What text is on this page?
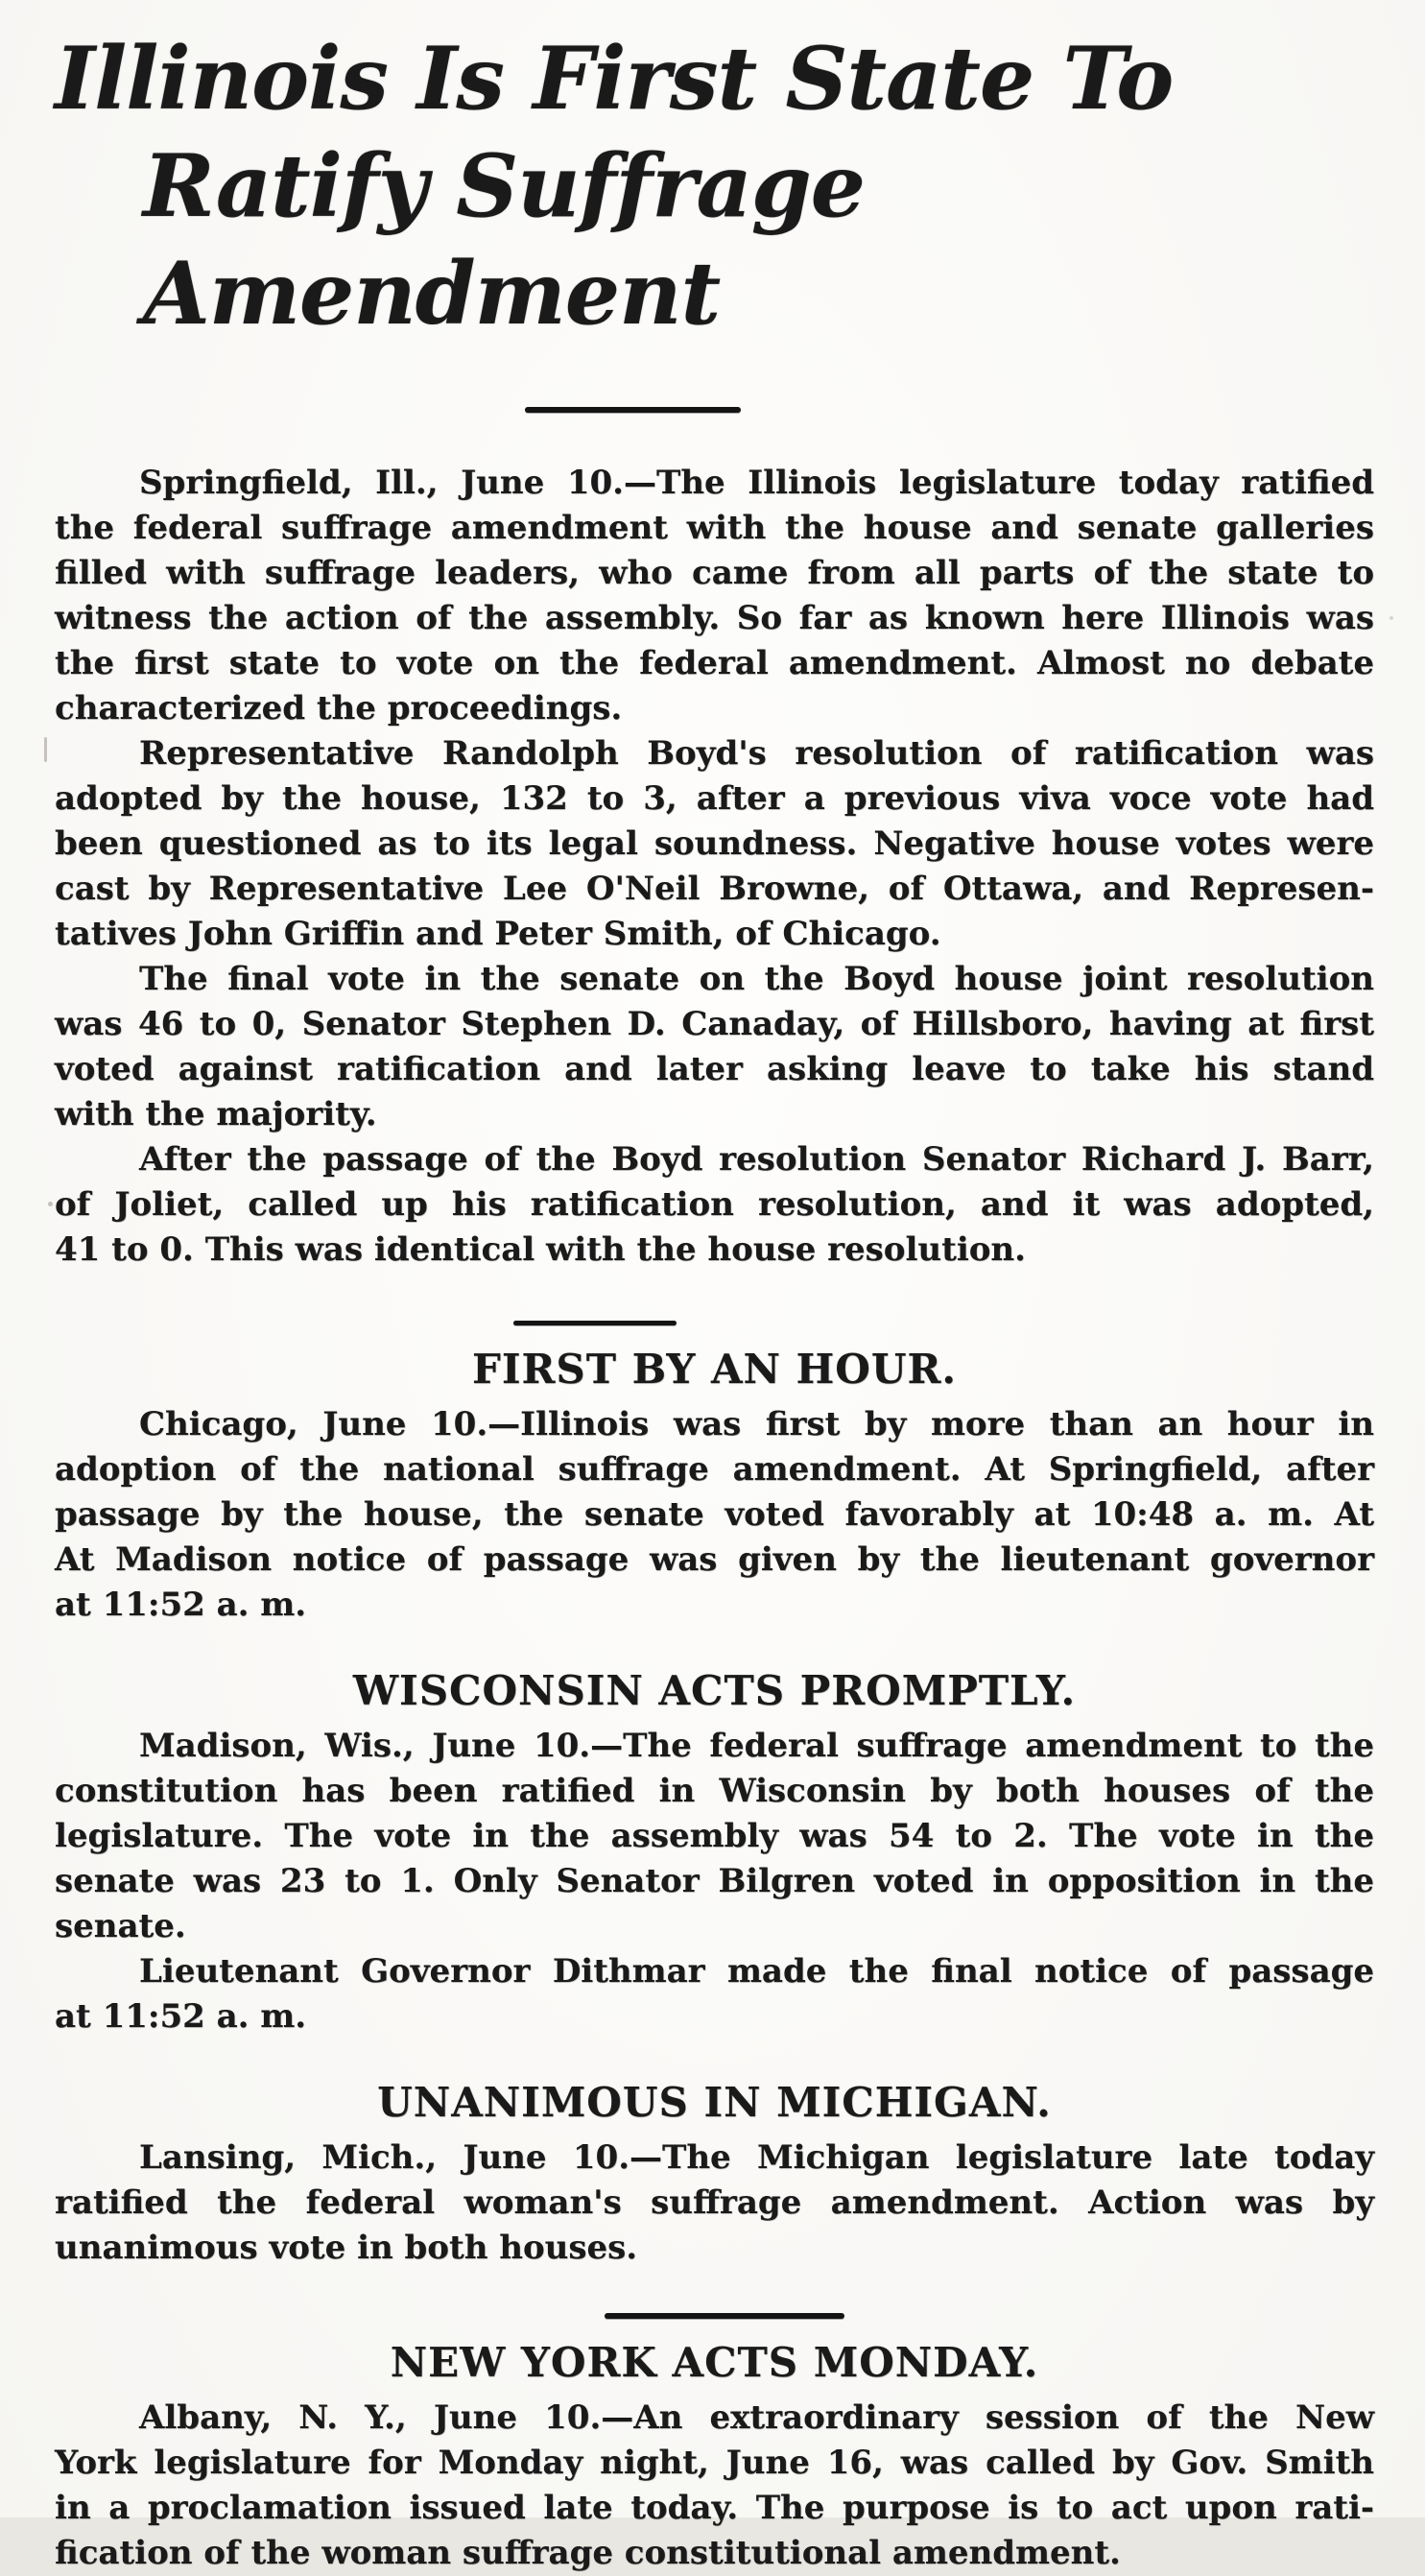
Illinois Is First State To
Ratify Suffrage Amendment
Springfield, Ill., June 10.—The Illinois legislature today ratified
the federal suffrage amendment with the house and senate galleries
filled with suffrage leaders, who came from all parts of the state to
witness the action of the assembly. So far as known here Illinois was
the first state to vote on the federal amendment. Almost no debate
characterized the proceedings.
Representative Randolph Boyd's resolution of ratification was
adopted by the house, 132 to 3, after a previous viva voce vote had
been questioned as to its legal soundness. Negative house votes were
cast by Representative Lee O'Neil Browne, of Ottawa, and Represen-
tatives John Griffin and Peter Smith, of Chicago.
The final vote in the senate on the Boyd house joint resolution
was 46 to 0, Senator Stephen D. Canaday, of Hillsboro, having at first
voted against ratification and later asking leave to take his stand
with the majority.
After the passage of the Boyd resolution Senator Richard J. Barr,
of Joliet, called up his ratification resolution, and it was adopted,
41 to 0. This was identical with the house resolution.
FIRST BY AN HOUR.
Chicago, June 10.—Illinois was first by more than an hour in
adoption of the national suffrage amendment. At Springfield, after
passage by the house, the senate voted favorably at 10:48 a. m. At
At Madison notice of passage was given by the lieutenant governor
at 11:52 a. m.
WISCONSIN ACTS PROMPTLY.
Madison, Wis., June 10.—The federal suffrage amendment to the
constitution has been ratified in Wisconsin by both houses of the
legislature. The vote in the assembly was 54 to 2. The vote in the
senate was 23 to 1. Only Senator Bilgren voted in opposition in the
senate.
Lieutenant Governor Dithmar made the final notice of passage
at 11:52 a. m.
UNANIMOUS IN MICHIGAN.
Lansing, Mich., June 10.—The Michigan legislature late today
ratified the federal woman's suffrage amendment. Action was by
unanimous vote in both houses.
NEW YORK ACTS MONDAY.
Albany, N. Y., June 10.—An extraordinary session of the New
York legislature for Monday night, June 16, was called by Gov. Smith
in a proclamation issued late today. The purpose is to act upon rati-
fication of the woman suffrage constitutional amendment.
